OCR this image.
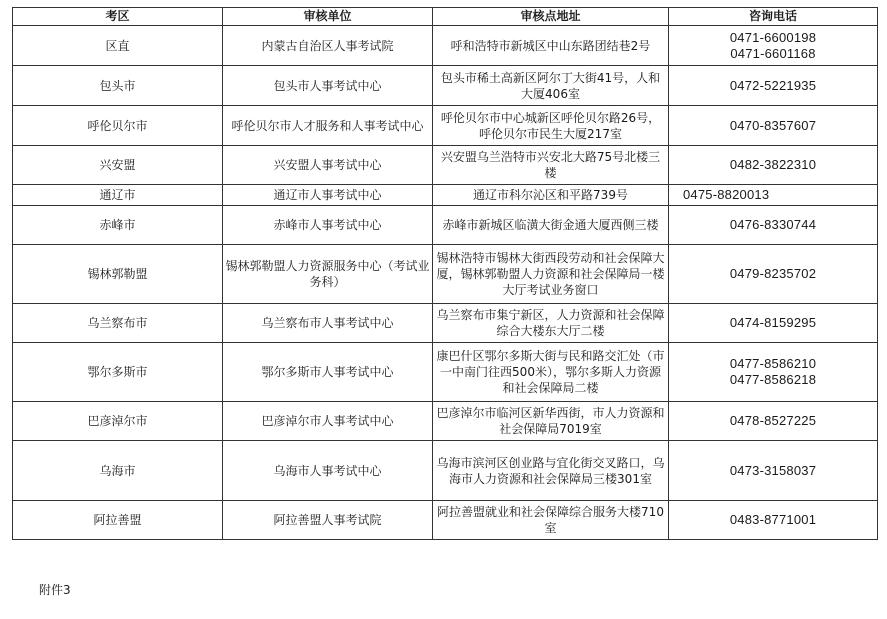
考区	审核单位	审核点地址	咨询电话
区直	内蒙古自治区人事考试院	呼和浩特市新城区中山东路团结巷2号	0471-6600198
0471-6601168

包头市	包头市人事考试中心	包头市稀土高新区阿尔丁大街41号，人和大厦406室	0472-5221935

呼伦贝尔市	呼伦贝尔市人才服务和人事考试中心	呼伦贝尔市中心城新区呼伦贝尔路26号，呼伦贝尔市民生大厦217室	0470-8357607

兴安盟	兴安盟人事考试中心	兴安盟乌兰浩特市兴安北大路75号北楼三楼	0482-3822310

通辽市	通辽市人事考试中心	通辽市科尔沁区和平路739号	0475-8820013

赤峰市	赤峰市人事考试中心	赤峰市新城区临潢大街金通大厦西侧三楼	0476-8330744

锡林郭勒盟	锡林郭勒盟人力资源服务中心（考试业务科）	锡林浩特市锡林大街西段劳动和社会保障大厦，锡林郭勒盟人力资源和社会保障局一楼大厅考试业务窗口	0479-8235702

乌兰察布市	乌兰察布市人事考试中心	乌兰察布市集宁新区，人力资源和社会保障综合大楼东大厅二楼	0474-8159295

鄂尔多斯市	鄂尔多斯市人事考试中心	康巴什区鄂尔多斯大街与民和路交汇处（市一中南门往西500米），鄂尔多斯人力资源和社会保障局二楼	0477-8586210
0477-8586218

巴彦淖尔市	巴彦淖尔市人事考试中心	巴彦淖尔市临河区新华西街，市人力资源和社会保障局7019室	0478-8527225

乌海市	乌海市人事考试中心	乌海市滨河区创业路与宜化街交叉路口，乌海市人力资源和社会保障局三楼301室	0473-3158037

阿拉善盟	阿拉善盟人事考试院	阿拉善盟就业和社会保障综合服务大楼710室	0483-8771001
附件3
